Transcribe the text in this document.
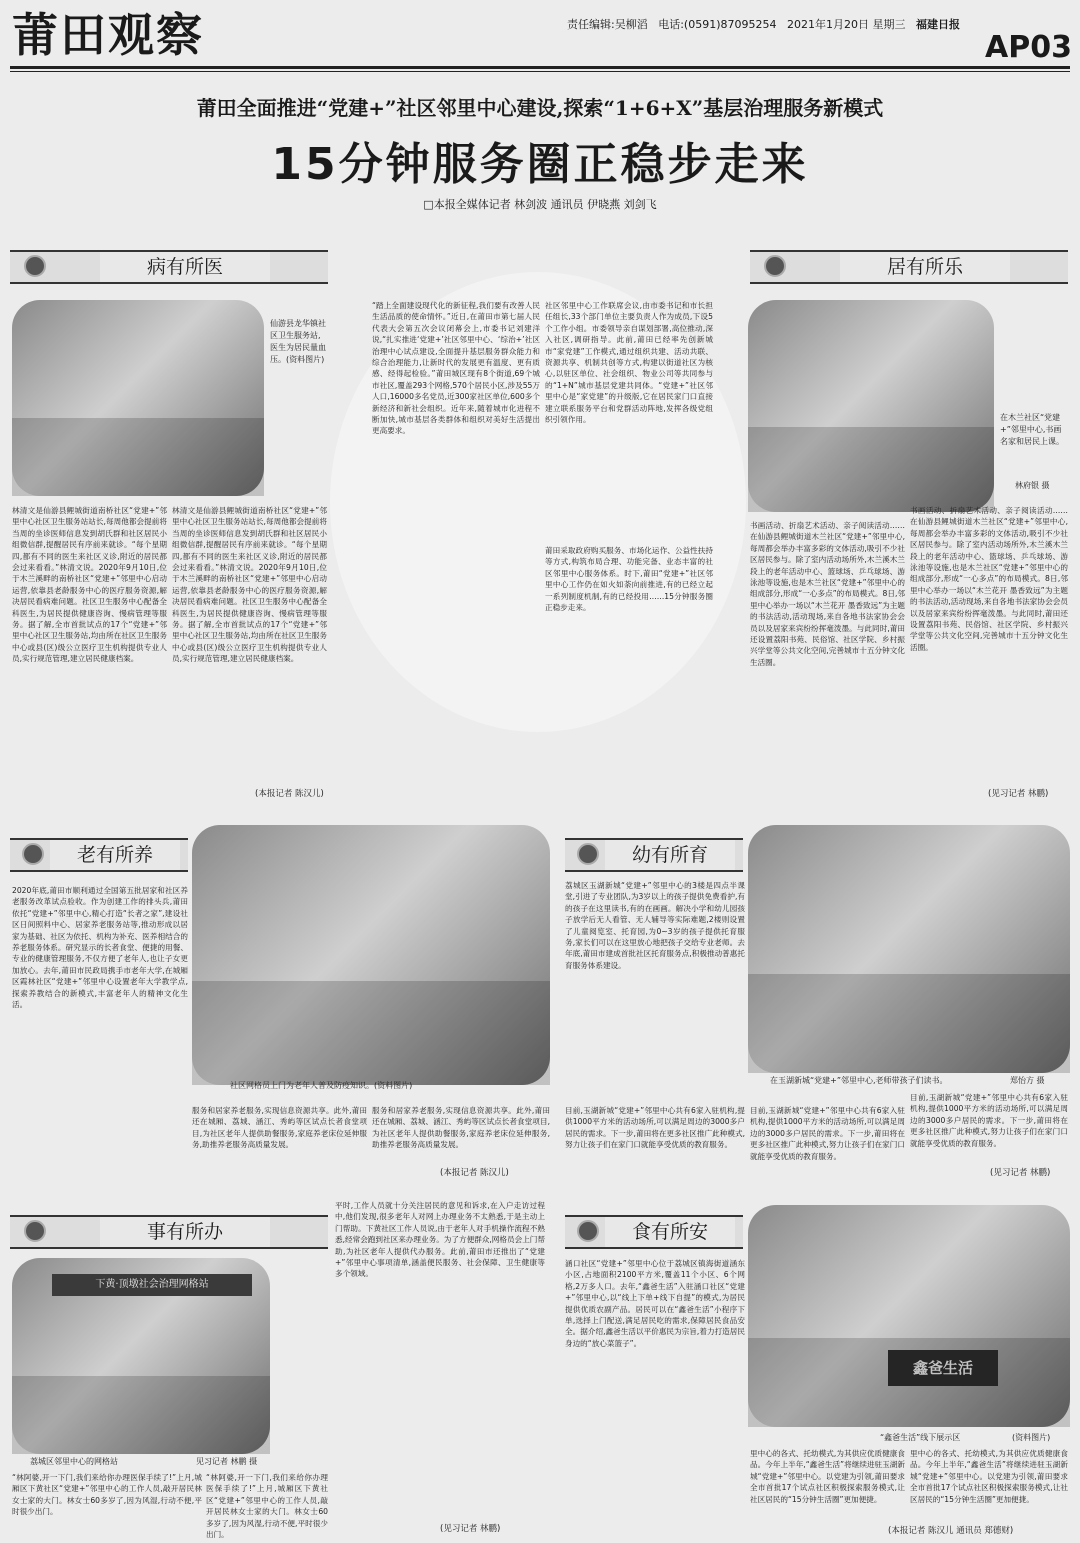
莆田观察	责任编辑:吴柳滔 电话:(0591)87095254 2021年1月20日 星期三 福建日报
AP03
莆田全面推进“党建+”社区邻里中心建设,探索“1+6+X”基层治理服务新模式
15分钟服务圈正稳步走来
□本报全媒体记者 林剑波 通讯员 伊晓燕 刘剑飞
病有所医
仙游县龙华镇社区卫生服务站,医生为居民量血压。(资料图片)
林清文是仙游县鲤城街道南桥社区“党建+”邻里中心社区卫生服务站站长,每周他都会提前将当周的坐诊医师信息发到胡氏群和社区居民小组微信群,提醒居民有序前来就诊。“每个星期四,都有不同的医生来社区义诊,附近的居民都会过来看看。”林清文说。2020年9月10日,位于木兰溪畔的南桥社区“党建+”邻里中心启动运营,依靠县老龄服务中心的医疗服务资源,解决居民看病难问题。社区卫生服务中心配备全科医生,为居民提供健康咨询、慢病管理等服务。据了解,全市首批试点的17个“党建+”邻里中心社区卫生服务站,均由所在社区卫生服务中心或县(区)级公立医疗卫生机构提供专业人员,实行规范管理,建立居民健康档案。
林清文是仙游县鲤城街道南桥社区“党建+”邻里中心社区卫生服务站站长,每周他都会提前将当周的坐诊医师信息发到胡氏群和社区居民小组微信群,提醒居民有序前来就诊。“每个星期四,都有不同的医生来社区义诊,附近的居民都会过来看看。”林清文说。2020年9月10日,位于木兰溪畔的南桥社区“党建+”邻里中心启动运营,依靠县老龄服务中心的医疗服务资源,解决居民看病难问题。社区卫生服务中心配备全科医生,为居民提供健康咨询、慢病管理等服务。据了解,全市首批试点的17个“党建+”邻里中心社区卫生服务站,均由所在社区卫生服务中心或县(区)级公立医疗卫生机构提供专业人员,实行规范管理,建立居民健康档案。
(本报记者 陈汉儿)
“踏上全面建设现代化的新征程,我们要有改善人民生活品质的使命情怀。”近日,在莆田市第七届人民代表大会第五次会议闭幕会上,市委书记刘建洋说,“扎实推进‘党建+’社区邻里中心、‘综治+’社区治理中心试点建设,全面提升基层服务群众能力和综合治理能力,让新时代的发展更有温度、更有质感、经得起检验。”莆田城区现有8个街道,69个城市社区,覆盖293个网格,570个居民小区,涉及55万人口,16000多名党员,近300家社区单位,600多个新经济和新社会组织。近年来,随着城市化进程不断加快,城市基层各类群体和组织对美好生活提出更高要求。
社区邻里中心工作联席会议,由市委书记和市长担任组长,33个部门单位主要负责人作为成员,下设5个工作小组。市委领导亲自谋划部署,高位推动,深入社区,调研指导。此前,莆田已经率先创新城市“家党建”工作模式,通过组织共建、活动共联、资源共享、机制共创等方式,构建以街道社区为核心,以驻区单位、社会组织、物业公司等共同参与的“1+N”城市基层党建共同体。“党建+”社区邻里中心是“家党建”的升级版,它在居民家门口直接建立联系服务平台和党群活动阵地,发挥各级党组织引领作用。
莆田采取政府购买服务、市场化运作、公益性扶持等方式,构筑布局合理、功能完备、业态丰富的社区邻里中心服务体系。时下,莆田“党建+”社区邻里中心工作仍在如火如荼向前推进,有的已经立起一系列制度机制,有的已经投用……15分钟服务圈正稳步走来。
居有所乐
在木兰社区“党建+”邻里中心,书画名家和居民上课。
林府银 摄
书画活动、折扇艺术活动、亲子阅读活动……在仙游县鲤城街道木兰社区“党建+”邻里中心,每周都会举办丰富多彩的文体活动,吸引不少社区居民参与。除了室内活动场所外,木兰溪木兰段上的老年活动中心、篮球场、乒乓球场、游泳池等设施,也是木兰社区“党建+”邻里中心的组成部分,形成“一心多点”的布局模式。8日,邻里中心举办一场以“木兰花开 墨香致远”为主题的书法活动,活动现场,来自各地书法家协会会员以及居家来宾纷纷挥毫泼墨。与此同时,莆田还设置荔阳书苑、民俗馆、社区学院、乡村振兴学堂等公共文化空间,完善城市十五分钟文化生活圈。
书画活动、折扇艺术活动、亲子阅读活动……在仙游县鲤城街道木兰社区“党建+”邻里中心,每周都会举办丰富多彩的文体活动,吸引不少社区居民参与。除了室内活动场所外,木兰溪木兰段上的老年活动中心、篮球场、乒乓球场、游泳池等设施,也是木兰社区“党建+”邻里中心的组成部分,形成“一心多点”的布局模式。8日,邻里中心举办一场以“木兰花开 墨香致远”为主题的书法活动,活动现场,来自各地书法家协会会员以及居家来宾纷纷挥毫泼墨。与此同时,莆田还设置荔阳书苑、民俗馆、社区学院、乡村振兴学堂等公共文化空间,完善城市十五分钟文化生活圈。
(见习记者 林鹏)
老有所养
2020年底,莆田市顺利通过全国第五批居家和社区养老服务改革试点验收。作为创建工作的排头兵,莆田依托“党建+”邻里中心,精心打造“长者之家”,建设社区日间照料中心、居家养老服务站等,推动形成以居家为基础、社区为依托、机构为补充、医养相结合的养老服务体系。研究显示的长者食堂、便捷的用餐、专业的健康管理服务,不仅方便了老年人,也让子女更加放心。去年,莆田市民政局携手市老年大学,在城厢区霞林社区“党建+”邻里中心设置老年大学教学点,探索养教结合的新模式,丰富老年人的精神文化生活。
社区网格员上门为老年人普及防疫知识。(资料图片)
服务和居家养老服务,实现信息资源共享。此外,莆田还在城厢、荔城、涵江、秀屿等区试点长者食堂项目,为社区老年人提供助餐服务,家庭养老床位延伸服务,助推养老服务高质量发展。
服务和居家养老服务,实现信息资源共享。此外,莆田还在城厢、荔城、涵江、秀屿等区试点长者食堂项目,为社区老年人提供助餐服务,家庭养老床位延伸服务,助推养老服务高质量发展。
(本报记者 陈汉儿)
幼有所育
荔城区玉湖新城“党建+”邻里中心的3楼是四点半课堂,引进了专业团队,为3岁以上的孩子提供免费看护,有的孩子在这里读书,有的在画画。解决小学和幼儿园孩子放学后无人看管、无人辅导等实际难题,2楼则设置了儿童阅览室、托育园,为0~3岁的孩子提供托育服务,家长们可以在这里放心地把孩子交给专业老师。去年底,莆田市建成首批社区托育服务点,积极推动普惠托育服务体系建设。
在玉湖新城“党建+”邻里中心,老师带孩子们读书。	郑怡方 摄
目前,玉湖新城“党建+”邻里中心共有6家入驻机构,提供1000平方米的活动场所,可以满足周边的3000多户居民的需求。下一步,莆田将在更多社区推广此种模式,努力让孩子们在家门口就能享受优质的教育服务。
目前,玉湖新城“党建+”邻里中心共有6家入驻机构,提供1000平方米的活动场所,可以满足周边的3000多户居民的需求。下一步,莆田将在更多社区推广此种模式,努力让孩子们在家门口就能享受优质的教育服务。
目前,玉湖新城“党建+”邻里中心共有6家入驻机构,提供1000平方米的活动场所,可以满足周边的3000多户居民的需求。下一步,莆田将在更多社区推广此种模式,努力让孩子们在家门口就能享受优质的教育服务。
(见习记者 林鹏)
事有所办
下黄·顶墩社会治理网格站
荔城区邻里中心的网格站	见习记者 林鹏 摄
“林阿婆,开一下门,我们来给你办理医保手续了!”上月,城厢区下黄社区“党建+”邻里中心的工作人员,敲开居民林女士家的大门。林女士60多岁了,因为风湿,行动不便,平时很少出门。
“林阿婆,开一下门,我们来给你办理医保手续了!”上月,城厢区下黄社区“党建+”邻里中心的工作人员,敲开居民林女士家的大门。林女士60多岁了,因为风湿,行动不便,平时很少出门。
平时,工作人员就十分关注居民的意见和诉求,在入户走访过程中,他们发现,很多老年人对网上办理业务不太熟悉,于是主动上门帮助。下黄社区工作人员说,由于老年人对手机操作流程不熟悉,经常会跑到社区来办理业务。为了方便群众,网格员会上门帮助,为社区老年人提供代办服务。此前,莆田市还推出了“党建+”邻里中心事项清单,涵盖便民服务、社会保障、卫生健康等多个领域。
(见习记者 林鹏)
食有所安
涵口社区“党建+”邻里中心位于荔城区镇海街道涵东小区,占地面积2100平方米,覆盖11个小区、6个网格,2万多人口。去年,“鑫爸生活”入驻涵口社区“党建+”邻里中心,以“线上下单+线下自提”的模式,为居民提供优质农副产品。居民可以在“鑫爸生活”小程序下单,选择上门配送,满足居民吃的需求,保障居民食品安全。据介绍,鑫爸生活以平价惠民为宗旨,着力打造居民身边的“放心菜篮子”。
鑫爸生活
“鑫爸生活”线下展示区	(资料图片)
里中心的各式、托幼模式,为其供应优质健康食品。今年上半年,“鑫爸生活”将继续进驻玉湖新城“党建+”邻里中心。以党建为引领,莆田要求全市首批17个试点社区积极探索服务模式,让社区居民的“15分钟生活圈”更加便捷。
里中心的各式、托幼模式,为其供应优质健康食品。今年上半年,“鑫爸生活”将继续进驻玉湖新城“党建+”邻里中心。以党建为引领,莆田要求全市首批17个试点社区积极探索服务模式,让社区居民的“15分钟生活圈”更加便捷。
(本报记者 陈汉儿 通讯员 郑德财)
